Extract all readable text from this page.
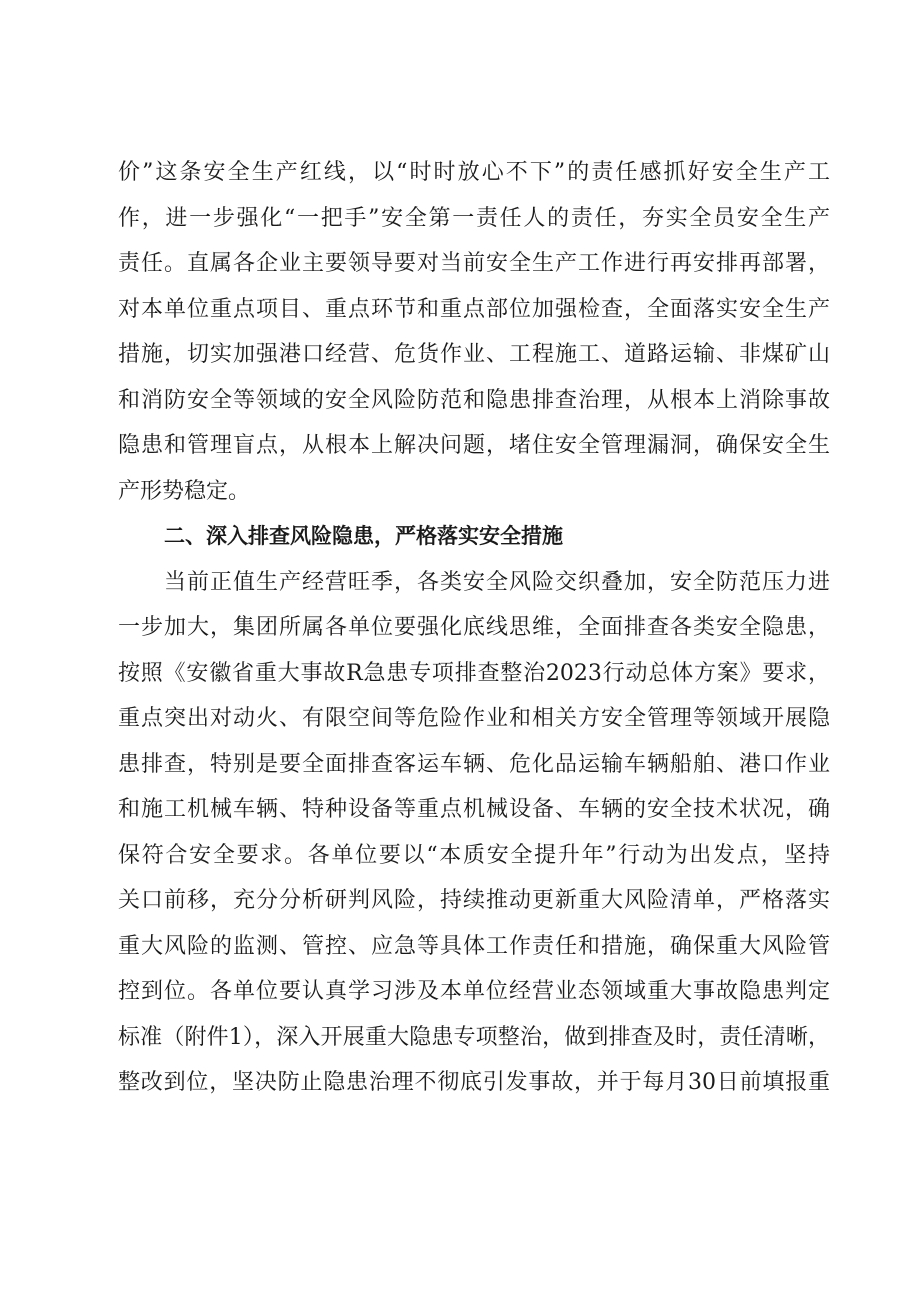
价”这条安全生产红线，以“时时放心不下”的责任感抓好安全生产工
作，进一步强化“一把手”安全第一责任人的责任，夯实全员安全生产
责任。直属各企业主要领导要对当前安全生产工作进行再安排再部署，
对本单位重点项目、重点环节和重点部位加强检查，全面落实安全生产
措施，切实加强港口经营、危货作业、工程施工、道路运输、非煤矿山
和消防安全等领域的安全风险防范和隐患排查治理，从根本上消除事故
隐患和管理盲点，从根本上解决问题，堵住安全管理漏洞，确保安全生
产形势稳定。
二、深入排查风险隐患，严格落实安全措施
当前正值生产经营旺季，各类安全风险交织叠加，安全防范压力进
一步加大，集团所属各单位要强化底线思维，全面排查各类安全隐患，
按照《安徽省重大事故R急患专项排查整治2023行动总体方案》要求，
重点突出对动火、有限空间等危险作业和相关方安全管理等领域开展隐
患排查，特别是要全面排查客运车辆、危化品运输车辆船舶、港口作业
和施工机械车辆、特种设备等重点机械设备、车辆的安全技术状况，确
保符合安全要求。各单位要以“本质安全提升年”行动为出发点，坚持
关口前移，充分分析研判风险，持续推动更新重大风险清单，严格落实
重大风险的监测、管控、应急等具体工作责任和措施，确保重大风险管
控到位。各单位要认真学习涉及本单位经营业态领域重大事故隐患判定
标准（附件1），深入开展重大隐患专项整治，做到排查及时，责任清晰，
整改到位，坚决防止隐患治理不彻底引发事故，并于每月30日前填报重
